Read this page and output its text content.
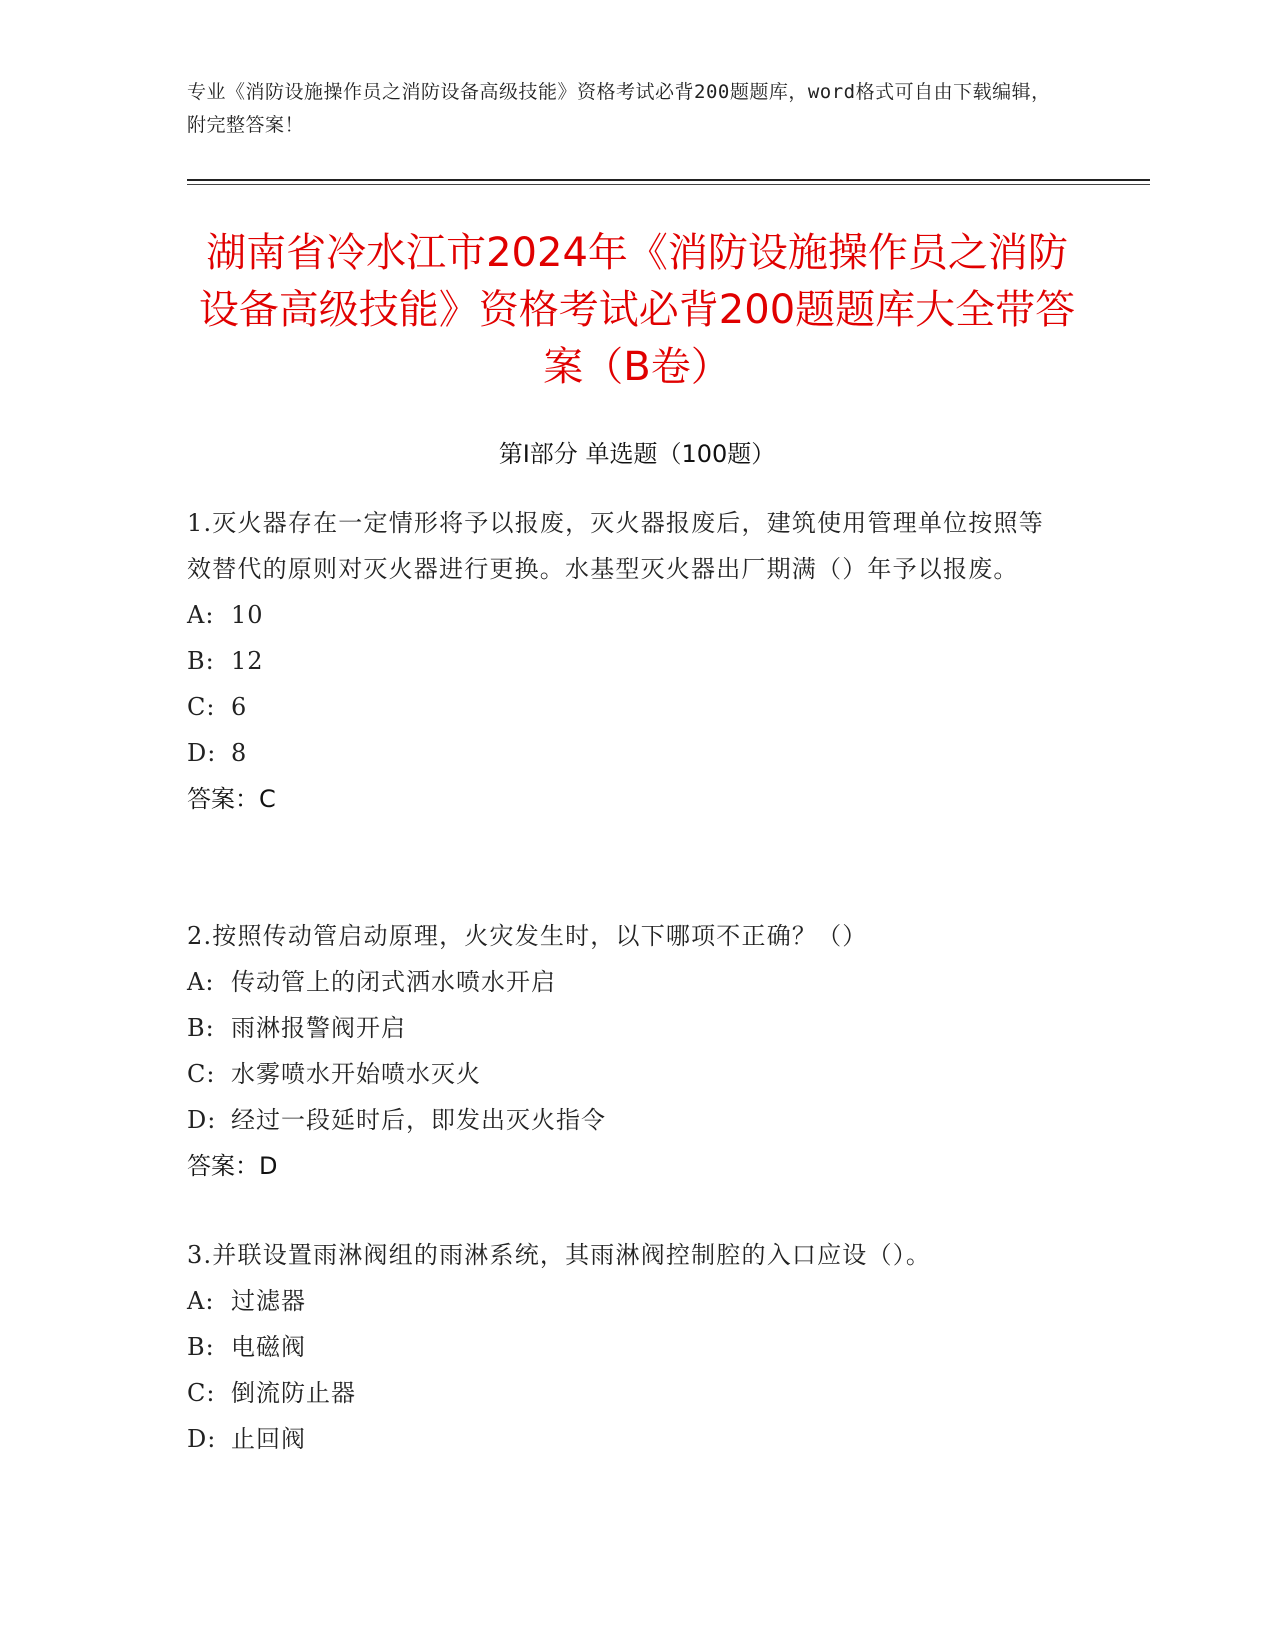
专业《消防设施操作员之消防设备高级技能》资格考试必背200题题库，word格式可自由下载编辑，附完整答案！
湖南省冷水江市2024年《消防设施操作员之消防设备高级技能》资格考试必背200题题库大全带答案（B卷）
第I部分 单选题（100题）

1.灭火器存在一定情形将予以报废，灭火器报废后，建筑使用管理单位按照等效替代的原则对灭火器进行更换。水基型灭火器出厂期满（）年予以报废。

A: 10

B: 12

C: 6

D: 8

答案：C

2.按照传动管启动原理，火灾发生时，以下哪项不正确？（）

A: 传动管上的闭式洒水喷水开启

B: 雨淋报警阀开启

C: 水雾喷水开始喷水灭火

D: 经过一段延时后，即发出灭火指令

答案：D

3.并联设置雨淋阀组的雨淋系统，其雨淋阀控制腔的入口应设（）。

A: 过滤器

B: 电磁阀

C: 倒流防止器

D: 止回阀
